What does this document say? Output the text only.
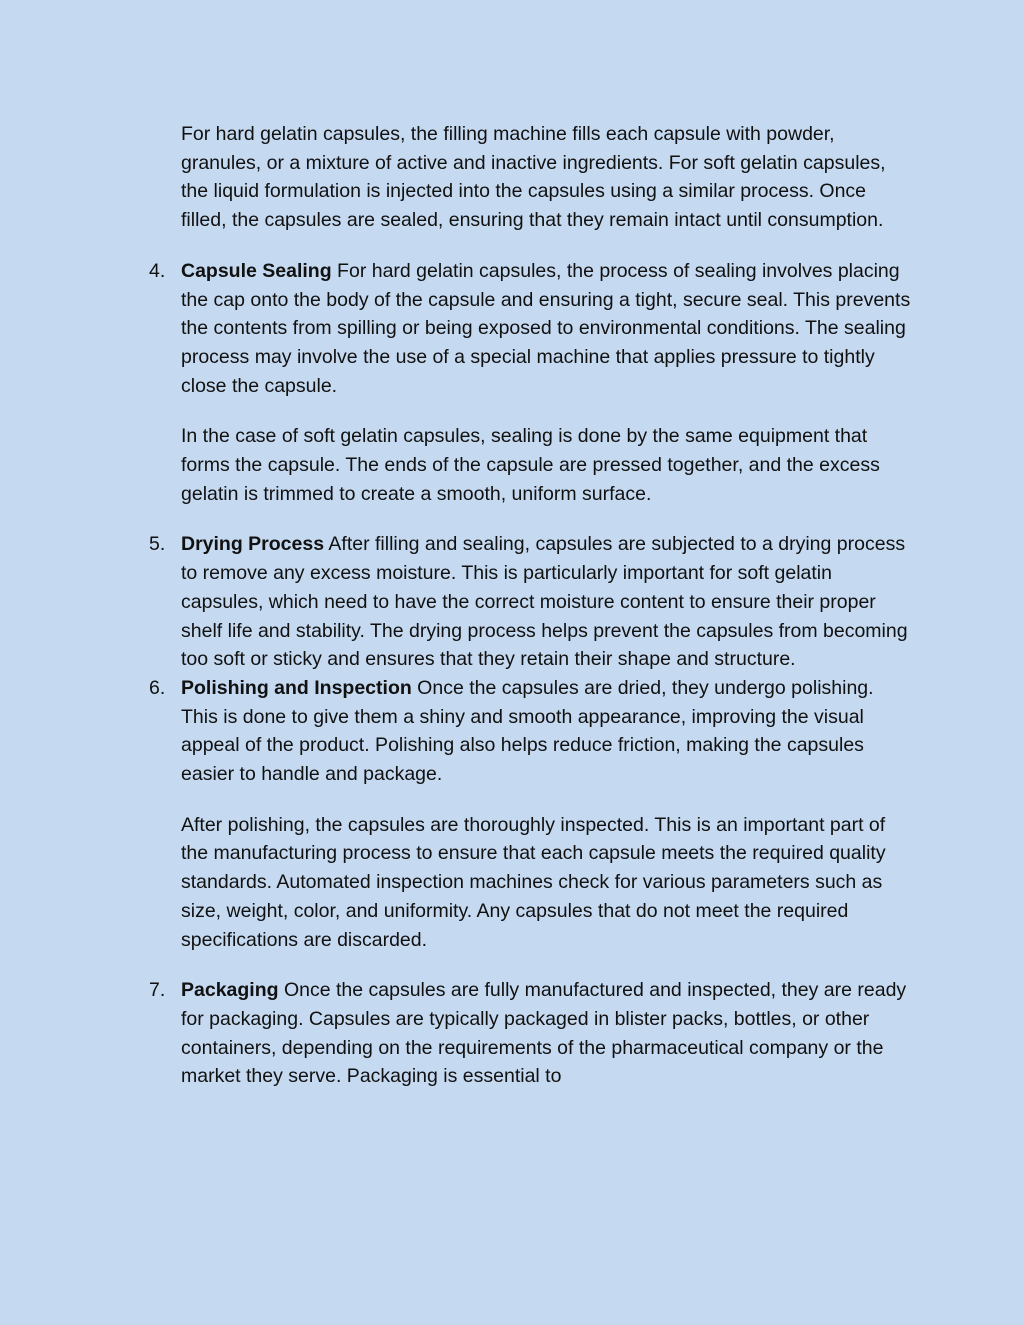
For hard gelatin capsules, the filling machine fills each capsule with powder, granules, or a mixture of active and inactive ingredients. For soft gelatin capsules, the liquid formulation is injected into the capsules using a similar process. Once filled, the capsules are sealed, ensuring that they remain intact until consumption.

4. Capsule Sealing For hard gelatin capsules, the process of sealing involves placing the cap onto the body of the capsule and ensuring a tight, secure seal. This prevents the contents from spilling or being exposed to environmental conditions. The sealing process may involve the use of a special machine that applies pressure to tightly close the capsule.

In the case of soft gelatin capsules, sealing is done by the same equipment that forms the capsule. The ends of the capsule are pressed together, and the excess gelatin is trimmed to create a smooth, uniform surface.

5. Drying Process After filling and sealing, capsules are subjected to a drying process to remove any excess moisture. This is particularly important for soft gelatin capsules, which need to have the correct moisture content to ensure their proper shelf life and stability. The drying process helps prevent the capsules from becoming too soft or sticky and ensures that they retain their shape and structure.
6. Polishing and Inspection Once the capsules are dried, they undergo polishing. This is done to give them a shiny and smooth appearance, improving the visual appeal of the product. Polishing also helps reduce friction, making the capsules easier to handle and package.

After polishing, the capsules are thoroughly inspected. This is an important part of the manufacturing process to ensure that each capsule meets the required quality standards. Automated inspection machines check for various parameters such as size, weight, color, and uniformity. Any capsules that do not meet the required specifications are discarded.

7. Packaging Once the capsules are fully manufactured and inspected, they are ready for packaging. Capsules are typically packaged in blister packs, bottles, or other containers, depending on the requirements of the pharmaceutical company or the market they serve. Packaging is essential to
